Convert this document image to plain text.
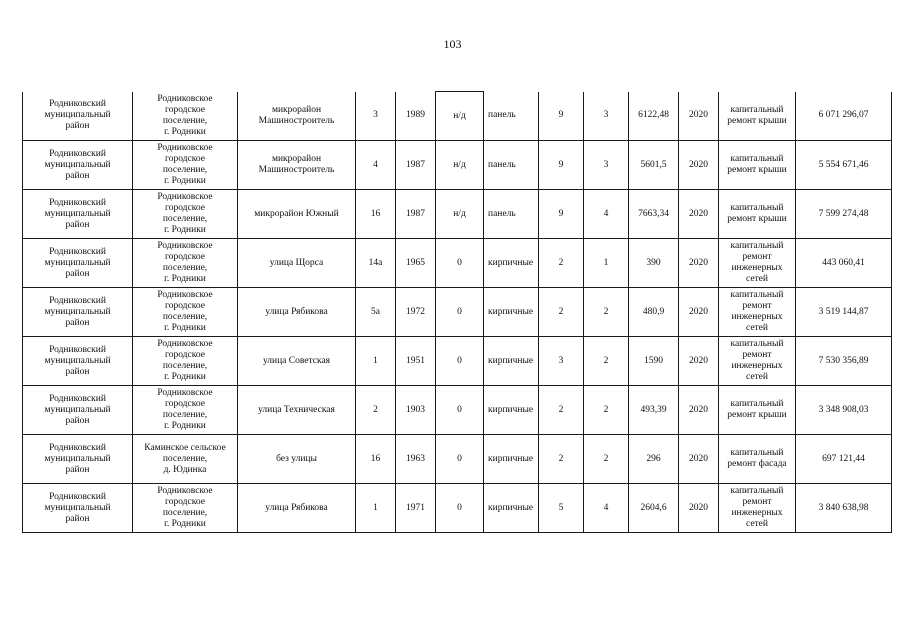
103
Родниковский
муниципальный
район	Родниковское
городское
поселение,
г. Родники	микрорайон
Машиностроитель	3	1989	н/д	панель	9	3	6122,48	2020	капитальный
ремонт крыши	6 071 296,07

Родниковский
муниципальный
район	Родниковское
городское
поселение,
г. Родники	микрорайон
Машиностроитель	4	1987	н/д	панель	9	3	5601,5	2020	капитальный
ремонт крыши	5 554 671,46

Родниковский
муниципальный
район	Родниковское
городское
поселение,
г. Родники	микрорайон Южный	16	1987	н/д	панель	9	4	7663,34	2020	капитальный
ремонт крыши	7 599 274,48

Родниковский
муниципальный
район	Родниковское
городское
поселение,
г. Родники	улица Щорса	14а	1965	0	кирпичные	2	1	390	2020	капитальный
ремонт
инженерных
сетей	443 060,41

Родниковский
муниципальный
район	Родниковское
городское
поселение,
г. Родники	улица Рябикова	5а	1972	0	кирпичные	2	2	480,9	2020	капитальный
ремонт
инженерных
сетей	3 519 144,87

Родниковский
муниципальный
район	Родниковское
городское
поселение,
г. Родники	улица Советская	1	1951	0	кирпичные	3	2	1590	2020	капитальный
ремонт
инженерных
сетей	7 530 356,89

Родниковский
муниципальный
район	Родниковское
городское
поселение,
г. Родники	улица Техническая	2	1903	0	кирпичные	2	2	493,39	2020	капитальный
ремонт крыши	3 348 908,03

Родниковский
муниципальный
район	Каминское сельское
поселение,
д. Юдинка	без улицы	16	1963	0	кирпичные	2	2	296	2020	капитальный
ремонт фасада	697 121,44

Родниковский
муниципальный
район	Родниковское
городское
поселение,
г. Родники	улица Рябикова	1	1971	0	кирпичные	5	4	2604,6	2020	капитальный
ремонт
инженерных
сетей	3 840 638,98
